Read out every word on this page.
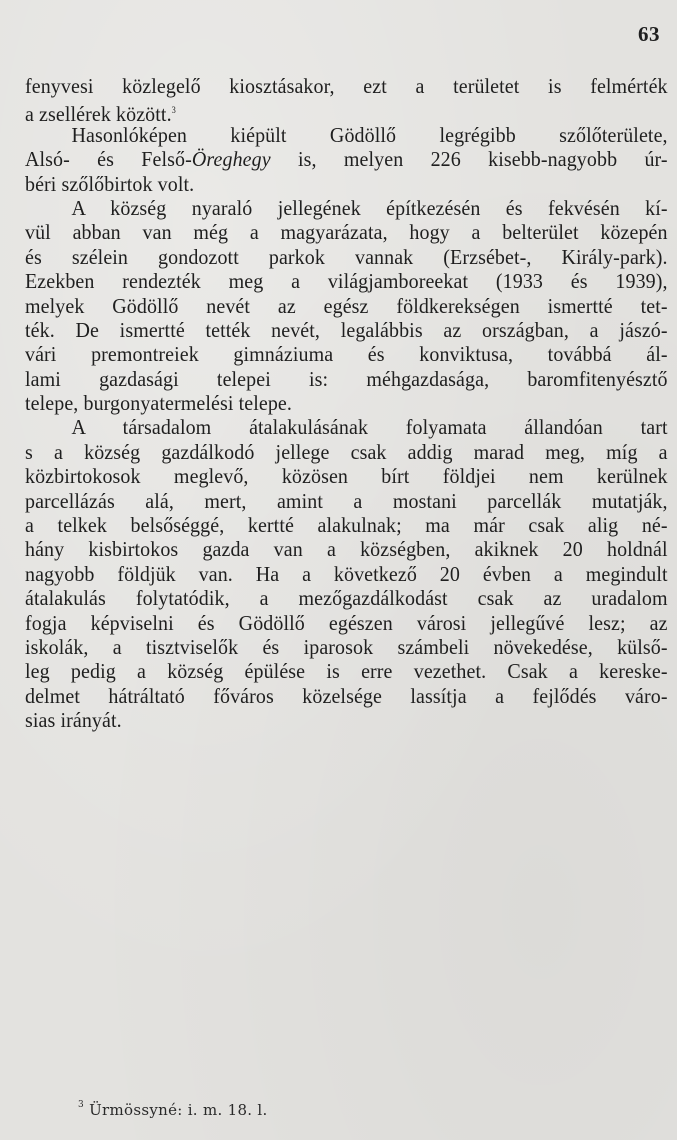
63
fenyvesi közlegelő kiosztásakor, ezt a területet is felmérték
a zsellérek között.$^3$
Hasonlóképen kiépült Gödöllő legrégibb szőlőterülete,
Alsó- és Felső-Öreghegy is, melyen 226 kisebb-nagyobb úr-
béri szőlőbirtok volt.
A község nyaraló jellegének építkezésén és fekvésén kí-
vül abban van még a magyarázata, hogy a belterület közepén
és szélein gondozott parkok vannak (Erzsébet-, Király-park).
Ezekben rendezték meg a világjamboreekat (1933 és 1939),
melyek Gödöllő nevét az egész földkerekségen ismertté tet-
ték. De ismertté tették nevét, legalábbis az országban, a jászó-
vári premontreiek gimnáziuma és konviktusa, továbbá ál-
lami gazdasági telepei is: méhgazdasága, baromfitenyésztő
telepe, burgonyatermelési telepe.
A társadalom átalakulásának folyamata állandóan tart
s a község gazdálkodó jellege csak addig marad meg, míg a
közbirtokosok meglevő, közösen bírt földjei nem kerülnek
parcellázás alá, mert, amint a mostani parcellák mutatják,
a telkek belsőséggé, kertté alakulnak; ma már csak alig né-
hány kisbirtokos gazda van a községben, akiknek 20 holdnál
nagyobb földjük van. Ha a következő 20 évben a megindult
átalakulás folytatódik, a mezőgazdálkodást csak az uradalom
fogja képviselni és Gödöllő egészen városi jellegűvé lesz; az
iskolák, a tisztviselők és iparosok számbeli növekedése, külső-
leg pedig a község épülése is erre vezethet. Csak a kereske-
delmet hátráltató főváros közelsége lassítja a fejlődés váro-
sias irányát.
$^3$ Ürmössyné: i. m. 18. l.
